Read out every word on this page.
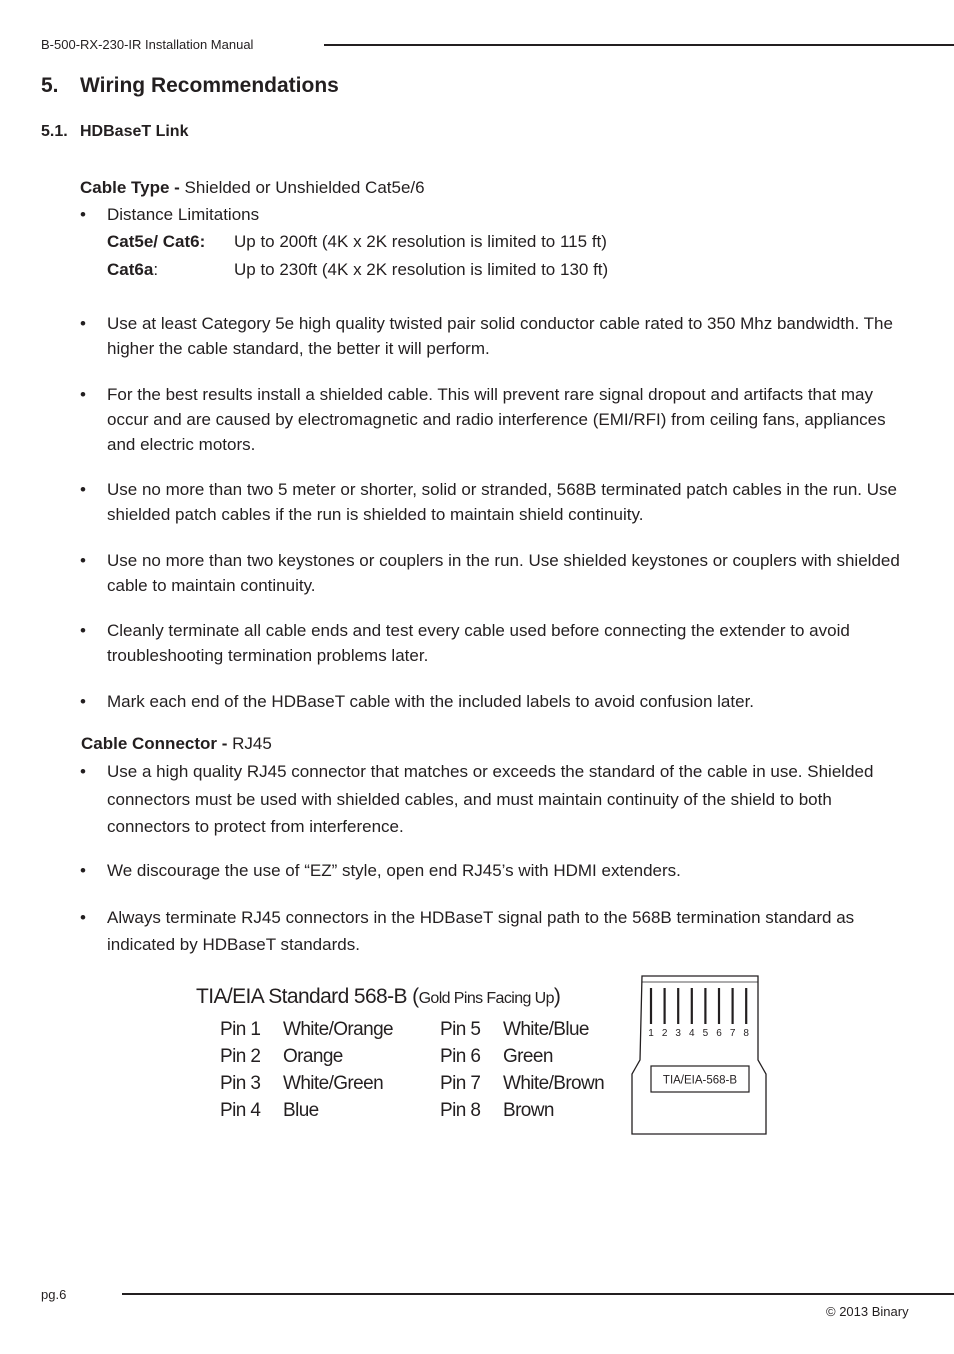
B-500-RX-230-IR Installation Manual
5. Wiring Recommendations
5.1. HDBaseT Link
Cable Type - Shielded or Unshielded Cat5e/6
• Distance Limitations
Cat5e/ Cat6: Up to 200ft (4K x 2K resolution is limited to 115 ft)
Cat6a:	Up to 230ft (4K x 2K resolution is limited to 130 ft)
• Use at least Category 5e high quality twisted pair solid conductor cable rated to 350 Mhz bandwidth. The higher the cable standard, the better it will perform.
• For the best results install a shielded cable. This will prevent rare signal dropout and artifacts that may occur and are caused by electromagnetic and radio interference (EMI/RFI) from ceiling fans, appliances and electric motors.
• Use no more than two 5 meter or shorter, solid or stranded, 568B terminated patch cables in the run. Use shielded patch cables if the run is shielded to maintain shield continuity.
• Use no more than two keystones or couplers in the run. Use shielded keystones or couplers with shielded cable to maintain continuity.
• Cleanly terminate all cable ends and test every cable used before connecting the extender to avoid troubleshooting termination problems later.
• Mark each end of the HDBaseT cable with the included labels to avoid confusion later.
Cable Connector - RJ45
• Use a high quality RJ45 connector that matches or exceeds the standard of the cable in use. Shielded connectors must be used with shielded cables, and must maintain continuity of the shield to both connectors to protect from interference.
• We discourage the use of “EZ” style, open end RJ45’s with HDMI extenders.
• Always terminate RJ45 connectors in the HDBaseT signal path to the 568B termination standard as indicated by HDBaseT standards.
TIA/EIA Standard 568-B (Gold Pins Facing Up)
Pin 1 White/Orange
Pin 2 Orange
Pin 3 White/Green
Pin 4 Blue
Pin 5 White/Blue
Pin 6 Green
Pin 7 White/Brown
Pin 8 Brown
1 2 3 4 5 6 7 8
TIA/EIA-568-B
pg.6
© 2013 Binary
